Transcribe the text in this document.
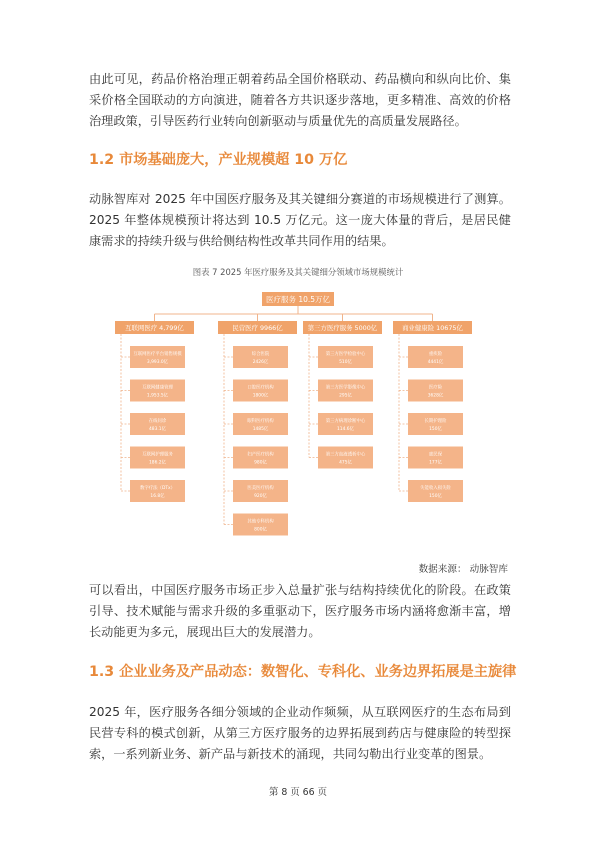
由此可见，药品价格治理正朝着药品全国价格联动、药品横向和纵向比价、集采价格全国联动的方向演进，随着各方共识逐步落地，更多精准、高效的价格治理政策，引导医药行业转向创新驱动与质量优先的高质量发展路径。

1.2 市场基础庞大，产业规模超 10 万亿

动脉智库对 2025 年中国医疗服务及其关键细分赛道的市场规模进行了测算。2025 年整体规模预计将达到 10.5 万亿元。这一庞大体量的背后，是居民健康需求的持续升级与供给侧结构性改革共同作用的结果。

图表 7 2025 年医疗服务及其关键细分领域市场规模统计

医疗服务 10.5万亿
互联网医疗 4,799亿
互联网医疗平台销售规模
3,993.0亿
互联网健康管理
1,953.5亿
在线问诊
483.1亿
互联网护理服务
186.2亿
数字疗法（DTx）
16.8亿
民营医疗 9966亿
综合医院
2426亿
口腔医疗机构
1800亿
眼科医疗机构
1485亿
妇产医疗机构
980亿
医美医疗机构
920亿
其他专科机构
800亿
第三方医疗服务 5000亿
第三方医学检验中心
510亿
第三方医学影像中心
295亿
第三方病理诊断中心
114.6亿
第三方血液透析中心
475亿
商业健康险 10675亿
重疾险
4441亿
医疗险
3628亿
长期护理险
150亿
惠民保
177亿
失能收入损失险
150亿
数据来源： 动脉智库

可以看出，中国医疗服务市场正步入总量扩张与结构持续优化的阶段。在政策引导、技术赋能与需求升级的多重驱动下，医疗服务市场内涵将愈渐丰富，增长动能更为多元，展现出巨大的发展潜力。

1.3 企业业务及产品动态：数智化、专科化、业务边界拓展是主旋律

2025 年，医疗服务各细分领域的企业动作频频，从互联网医疗的生态布局到民营专科的模式创新，从第三方医疗服务的边界拓展到药店与健康险的转型探索，一系列新业务、新产品与新技术的涌现，共同勾勒出行业变革的图景。

第 8 页 66 页
